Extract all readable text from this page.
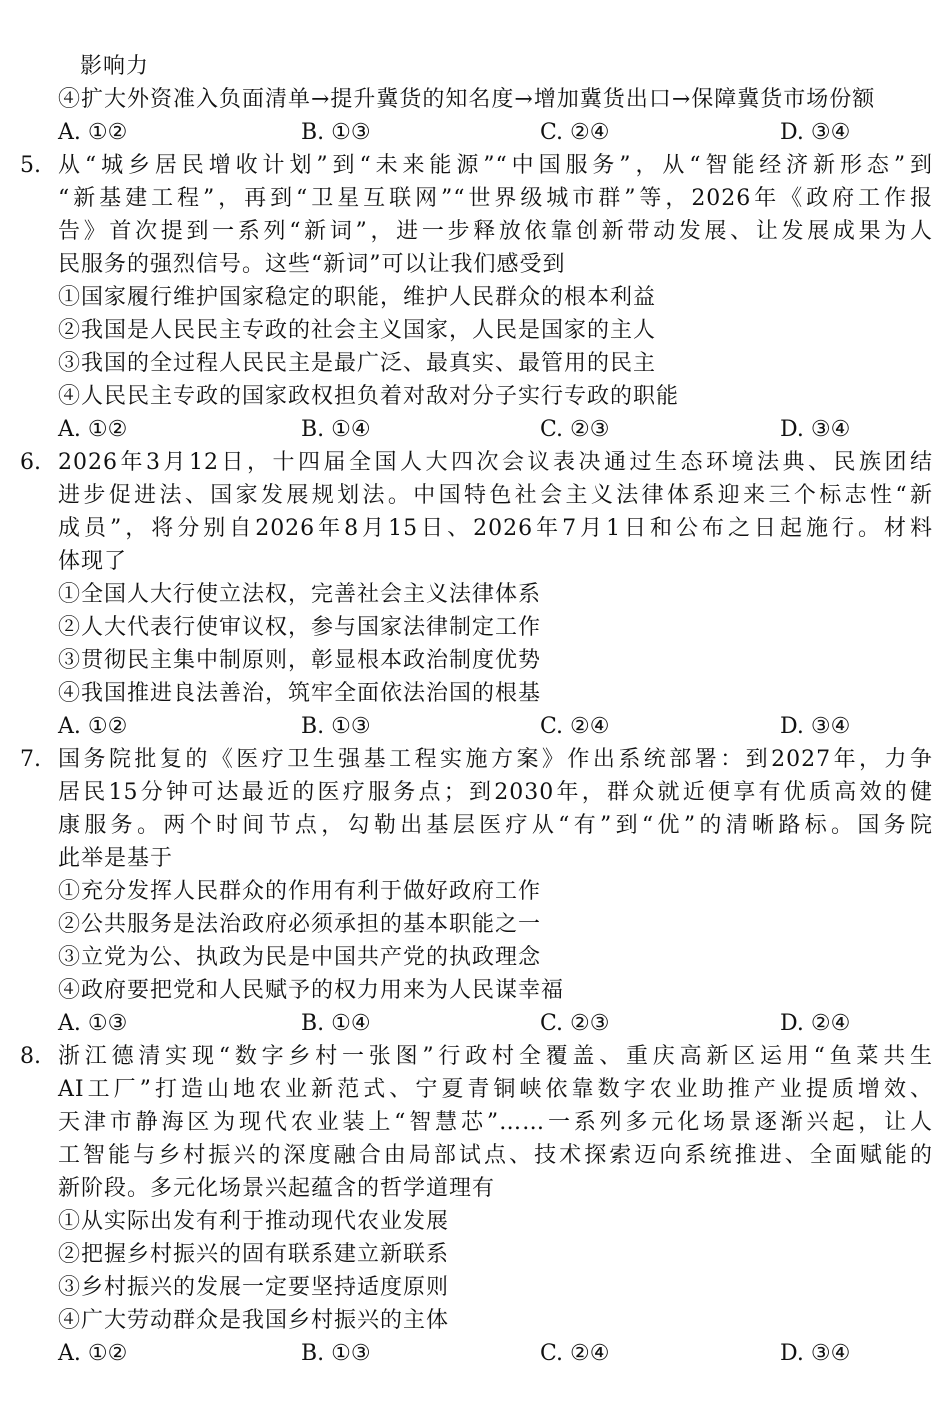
影响力
④扩大外资准入负面清单→提升冀货的知名度→增加冀货出口→保障冀货市场份额
A. ①②	B. ①③	C. ②④	D. ③④
5. 从“城乡居民增收计划”到“未来能源”“中国服务”，从“智能经济新形态”到
“新基建工程”，再到“卫星互联网”“世界级城市群”等，2026年《政府工作报
告》首次提到一系列“新词”，进一步释放依靠创新带动发展、让发展成果为人
民服务的强烈信号。这些“新词”可以让我们感受到
①国家履行维护国家稳定的职能，维护人民群众的根本利益
②我国是人民民主专政的社会主义国家，人民是国家的主人
③我国的全过程人民民主是最广泛、最真实、最管用的民主
④人民民主专政的国家政权担负着对敌对分子实行专政的职能
A. ①②	B. ①④	C. ②③	D. ③④
6. 2026年3月12日，十四届全国人大四次会议表决通过生态环境法典、民族团结
进步促进法、国家发展规划法。中国特色社会主义法律体系迎来三个标志性“新
成员”，将分别自2026年8月15日、2026年7月1日和公布之日起施行。材料
体现了
①全国人大行使立法权，完善社会主义法律体系
②人大代表行使审议权，参与国家法律制定工作
③贯彻民主集中制原则，彰显根本政治制度优势
④我国推进良法善治，筑牢全面依法治国的根基
A. ①②	B. ①③	C. ②④	D. ③④
7. 国务院批复的《医疗卫生强基工程实施方案》作出系统部署：到2027年，力争
居民15分钟可达最近的医疗服务点；到2030年，群众就近便享有优质高效的健
康服务。两个时间节点，勾勒出基层医疗从“有”到“优”的清晰路标。国务院
此举是基于
①充分发挥人民群众的作用有利于做好政府工作
②公共服务是法治政府必须承担的基本职能之一
③立党为公、执政为民是中国共产党的执政理念
④政府要把党和人民赋予的权力用来为人民谋幸福
A. ①③	B. ①④	C. ②③	D. ②④
8. 浙江德清实现“数字乡村一张图”行政村全覆盖、重庆高新区运用“鱼菜共生
AI工厂”打造山地农业新范式、宁夏青铜峡依靠数字农业助推产业提质增效、
天津市静海区为现代农业装上“智慧芯”……一系列多元化场景逐渐兴起，让人
工智能与乡村振兴的深度融合由局部试点、技术探索迈向系统推进、全面赋能的
新阶段。多元化场景兴起蕴含的哲学道理有
①从实际出发有利于推动现代农业发展
②把握乡村振兴的固有联系建立新联系
③乡村振兴的发展一定要坚持适度原则
④广大劳动群众是我国乡村振兴的主体
A. ①②	B. ①③	C. ②④	D. ③④
